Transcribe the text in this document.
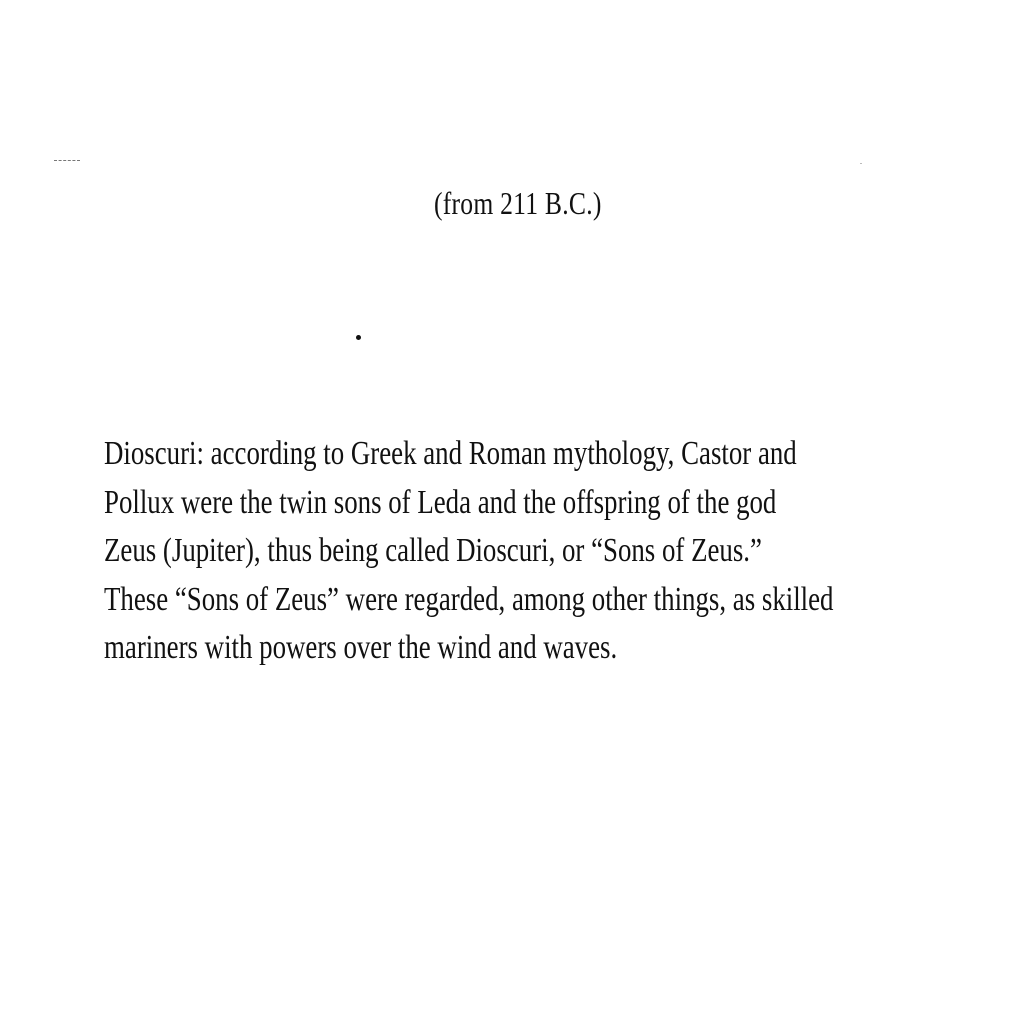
(from 211 B.C.)

Dioscuri: according to Greek and Roman mythology, Castor and
Pollux were the twin sons of Leda and the offspring of the god
Zeus (Jupiter), thus being called Dioscuri, or “Sons of Zeus.”
These “Sons of Zeus” were regarded, among other things, as skilled
mariners with powers over the wind and waves.
